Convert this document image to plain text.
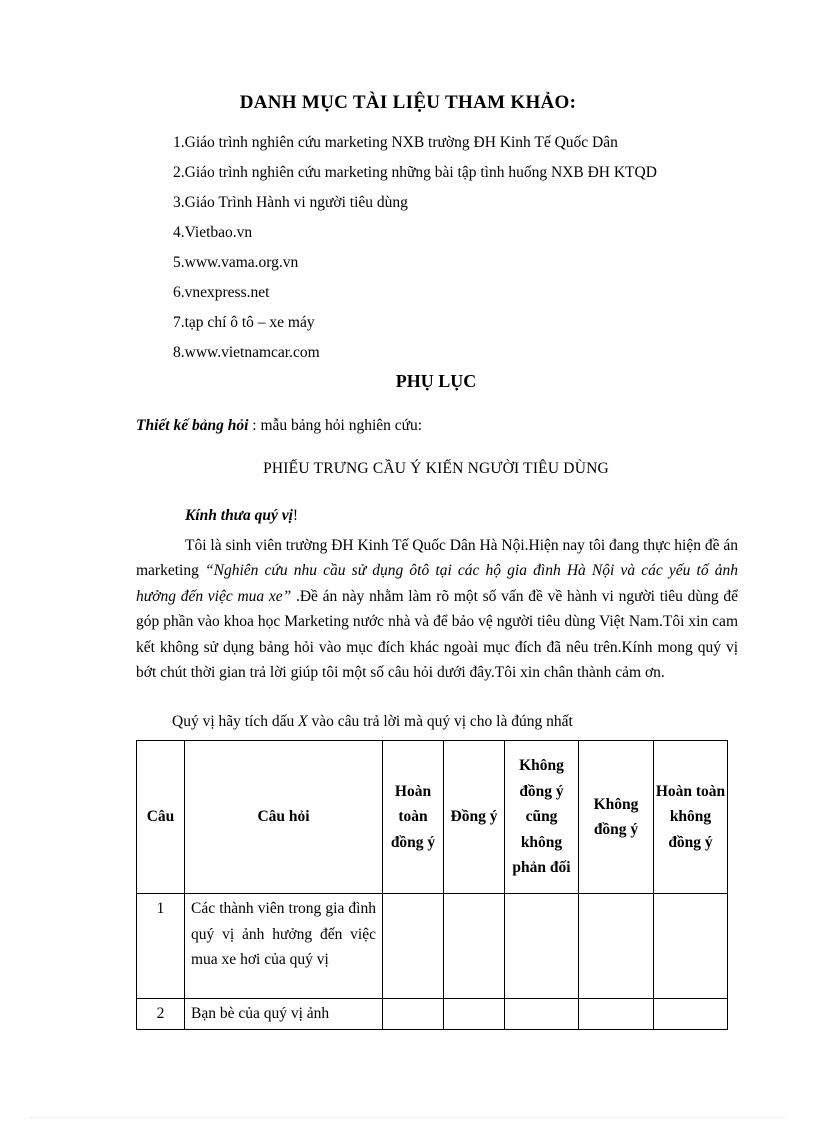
DANH MỤC TÀI LIỆU THAM KHẢO:
1.Giáo trình nghiên cứu marketing NXB trường ĐH Kinh Tế Quốc Dân
2.Giáo trình nghiên cứu marketing những bài tập tình huống NXB ĐH KTQD
3.Giáo Trình Hành vi người tiêu dùng
4.Vietbao.vn
5.www.vama.org.vn
6.vnexpress.net
7.tạp chí ô tô – xe máy
8.www.vietnamcar.com
PHỤ LỤC
Thiết kế bảng hỏi : mẫu bảng hỏi nghiên cứu:
PHIẾU TRƯNG CẦU Ý KIẾN NGƯỜI TIÊU DÙNG
Kính thưa quý vị!

Tôi là sinh viên trường ĐH Kinh Tế Quốc Dân Hà Nội.Hiện nay tôi đang thực hiện đề án marketing “Nghiên cứu nhu cầu sử dụng ôtô tại các hộ gia đình Hà Nội và các yếu tố ảnh hưởng đến việc mua xe” .Đề án này nhằm làm rõ một số vấn đề về hành vi người tiêu dùng để góp phần vào khoa học Marketing nước nhà và để bảo vệ người tiêu dùng Việt Nam.Tôi xin cam kết không sử dụng bảng hỏi vào mục đích khác ngoài mục đích đã nêu trên.Kính mong quý vị bớt chút thời gian trả lời giúp tôi một số câu hỏi dưới đây.Tôi xin chân thành cảm ơn.

Quý vị hãy tích dấu X vào câu trả lời mà quý vị cho là đúng nhất
Câu	Câu hỏi	Hoàn toàn đồng ý	Đồng ý	Không đồng ý cũng không phản đối	Không đồng ý	Hoàn toàn không đồng ý
1	Các thành viên trong gia đình quý vị ảnh hưởng đến việc mua xe hơi của quý vị					
2	Bạn bè của quý vị ảnh					
